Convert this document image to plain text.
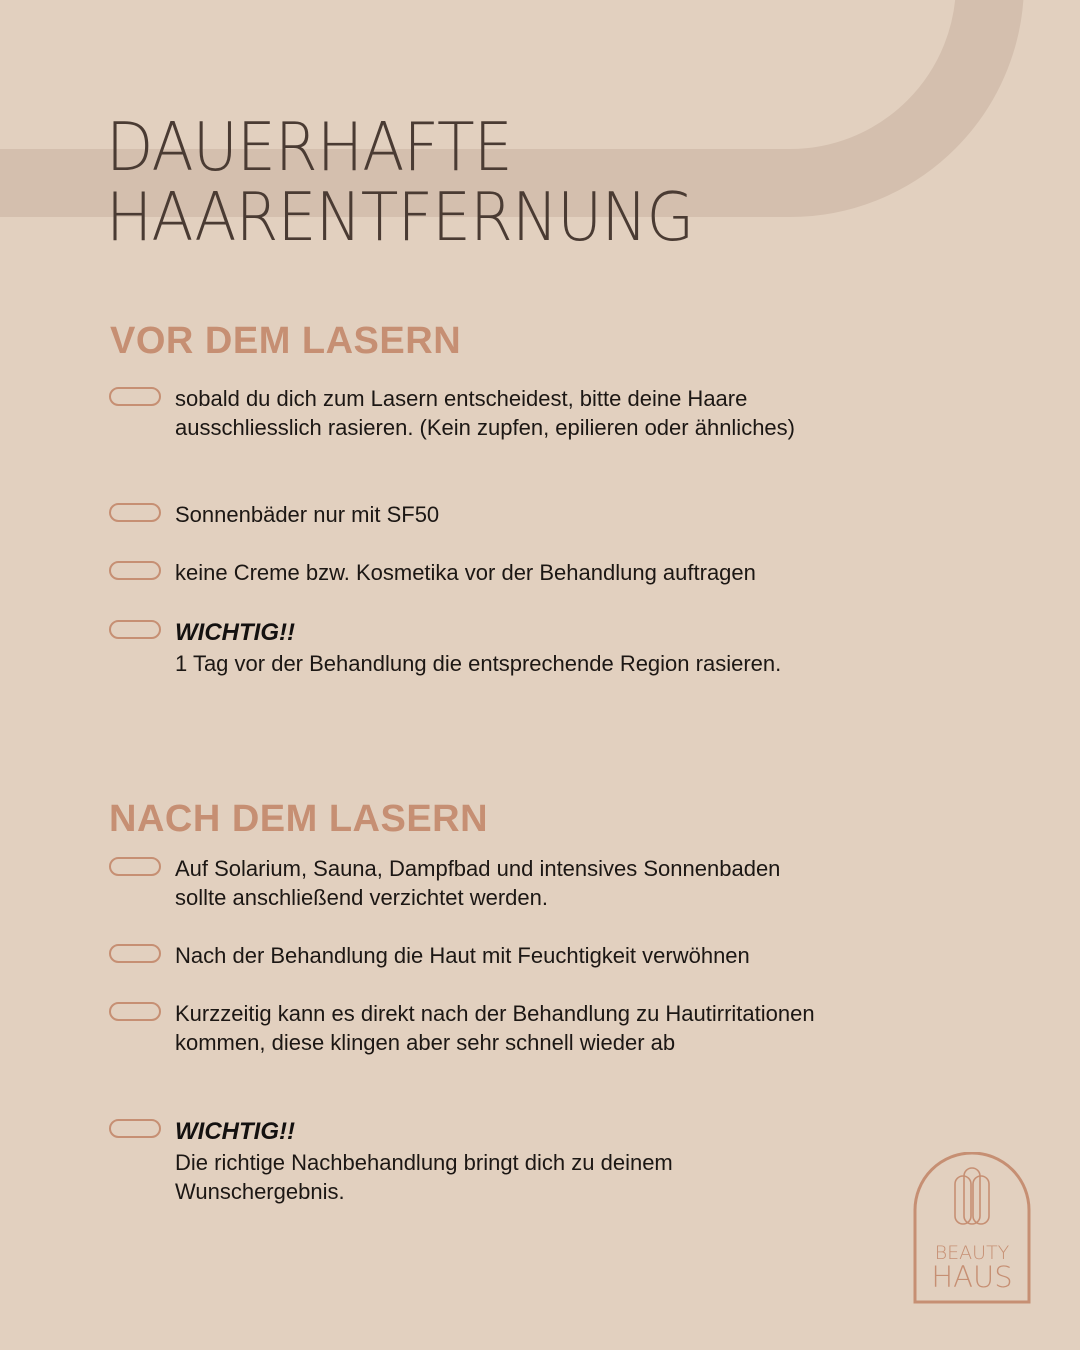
DAUERHAFTE
HAARENTFERNUNG
VOR DEM LASERN
sobald du dich zum Lasern entscheidest, bitte deine Haare ausschliesslich rasieren. (Kein zupfen, epilieren oder ähnliches)
Sonnenbäder nur mit SF50
keine Creme bzw. Kosmetika vor der Behandlung auftragen
WICHTIG!!
1 Tag vor der Behandlung die entsprechende Region rasieren.
NACH DEM LASERN
Auf Solarium, Sauna, Dampfbad und intensives Sonnenbaden sollte anschließend verzichtet werden.
Nach der Behandlung die Haut mit Feuchtigkeit verwöhnen
Kurzzeitig kann es direkt nach der Behandlung zu Hautirritationen kommen, diese klingen aber sehr schnell wieder ab
WICHTIG!!
Die richtige Nachbehandlung bringt dich zu deinem Wunschergebnis.
BEAUTY
HAUS
